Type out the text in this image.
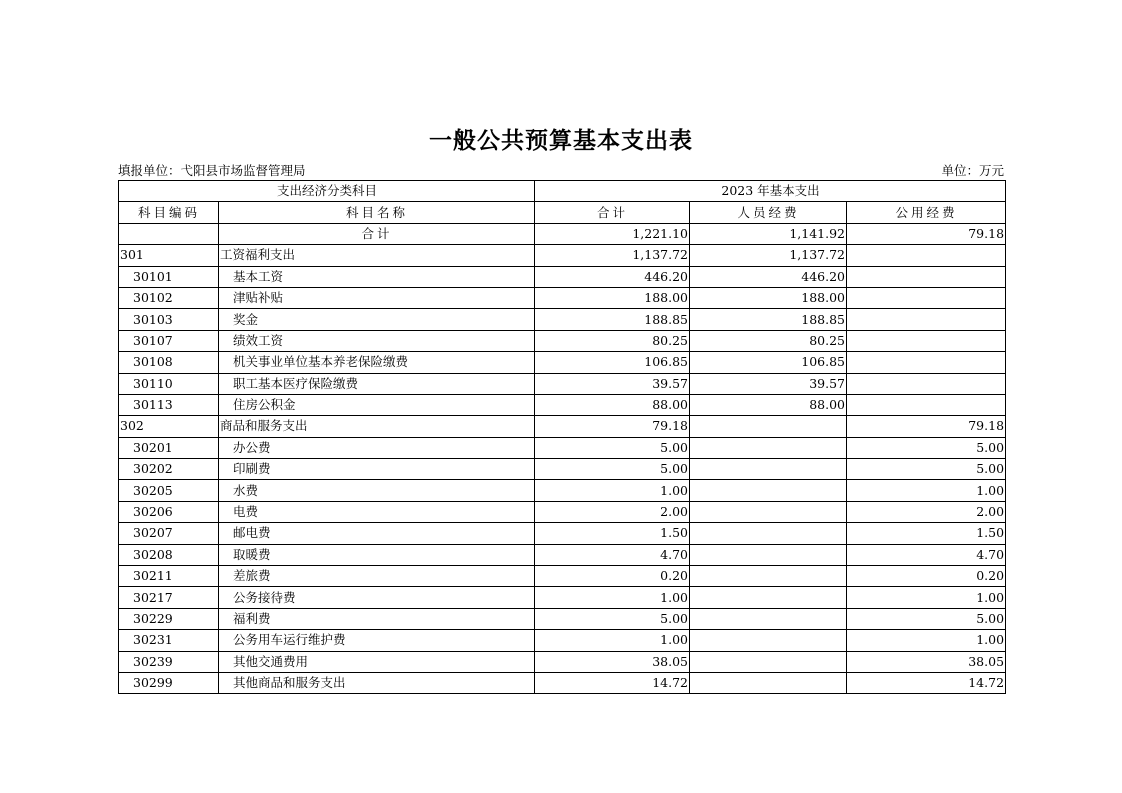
一般公共预算基本支出表
填报单位：弋阳县市场监督管理局	单位：万元
支出经济分类科目		2023 年基本支出		
科目编码	科目名称	合计	人员经费	公用经费
	合计	1,221.10	1,141.92	79.18
301	工资福利支出	1,137.72	1,137.72	
30101	基本工资	446.20	446.20	
30102	津贴补贴	188.00	188.00	
30103	奖金	188.85	188.85	
30107	绩效工资	80.25	80.25	
30108	机关事业单位基本养老保险缴费	106.85	106.85	
30110	职工基本医疗保险缴费	39.57	39.57	
30113	住房公积金	88.00	88.00	
302	商品和服务支出	79.18		79.18
30201	办公费	5.00		5.00
30202	印刷费	5.00		5.00
30205	水费	1.00		1.00
30206	电费	2.00		2.00
30207	邮电费	1.50		1.50
30208	取暖费	4.70		4.70
30211	差旅费	0.20		0.20
30217	公务接待费	1.00		1.00
30229	福利费	5.00		5.00
30231	公务用车运行维护费	1.00		1.00
30239	其他交通费用	38.05		38.05
30299	其他商品和服务支出	14.72		14.72
